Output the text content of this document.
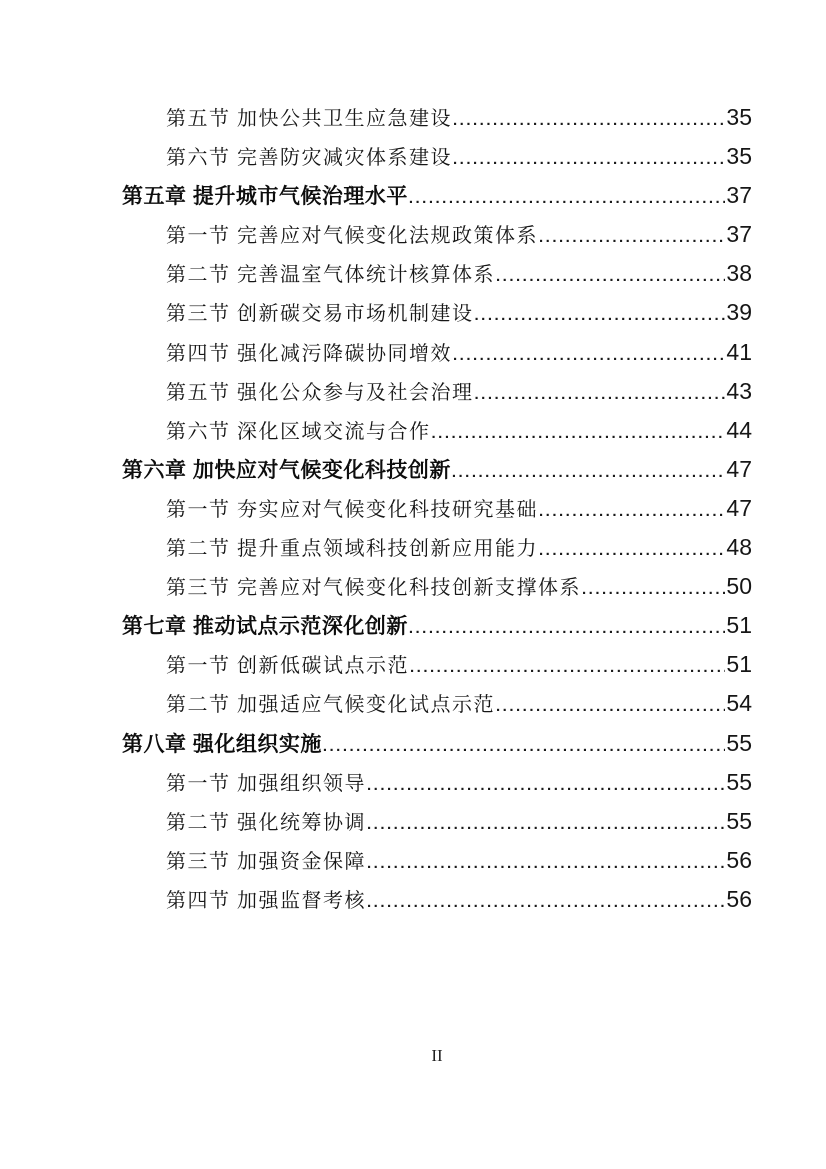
第五节 加快公共卫生应急建设 .....	35
第六节 完善防灾减灾体系建设 .....	35
第五章 提升城市气候治理水平 .....	37
第一节 完善应对气候变化法规政策体系 .....	37
第二节 完善温室气体统计核算体系 .....	38
第三节 创新碳交易市场机制建设 .....	39
第四节 强化减污降碳协同增效 .....	41
第五节 强化公众参与及社会治理 .....	43
第六节 深化区域交流与合作 .....	44
第六章 加快应对气候变化科技创新 .....	47
第一节 夯实应对气候变化科技研究基础 .....	47
第二节 提升重点领域科技创新应用能力 .....	48
第三节 完善应对气候变化科技创新支撑体系 .....	50
第七章 推动试点示范深化创新 .....	51
第一节 创新低碳试点示范 .....	51
第二节 加强适应气候变化试点示范 .....	54
第八章 强化组织实施 .....	55
第一节 加强组织领导 .....	55
第二节 强化统筹协调 .....	55
第三节 加强资金保障 .....	56
第四节 加强监督考核 .....	56
II
